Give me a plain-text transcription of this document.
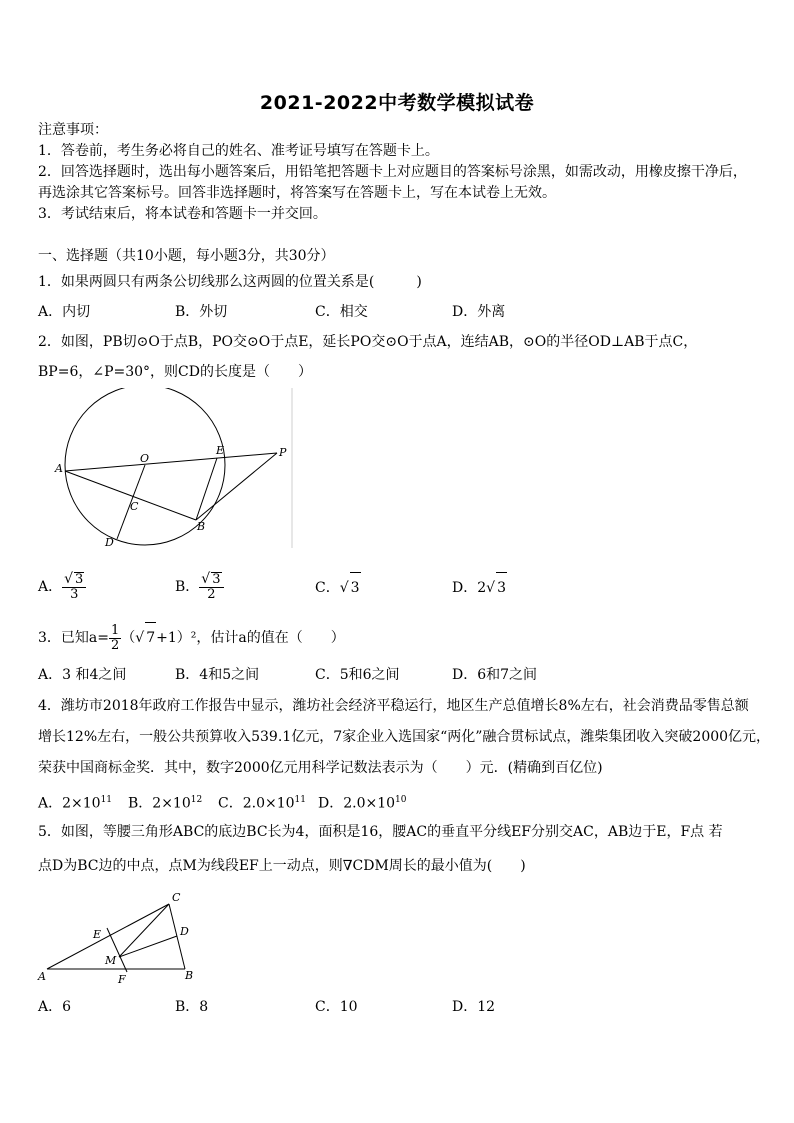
2021-2022中考数学模拟试卷
注意事项：
1．答卷前，考生务必将自己的姓名、准考证号填写在答题卡上。
2．回答选择题时，选出每小题答案后，用铅笔把答题卡上对应题目的答案标号涂黑，如需改动，用橡皮擦干净后，再选涂其它答案标号。回答非选择题时，将答案写在答题卡上，写在本试卷上无效。
3．考试结束后，将本试卷和答题卡一并交回。
一、选择题（共10小题，每小题3分，共30分）
1．如果两圆只有两条公切线那么这两圆的位置关系是(　　　)
A．内切	B．外切	C．相交	D．外离
2．如图，PB切⊙O于点B，PO交⊙O于点E，延长PO交⊙O于点A，连结AB，⊙O的半径OD⊥AB于点C，
BP=6，∠P=30°，则CD的长度是（　　）
A
O
E	P
C
B
D
A． $\frac{√ 3}{3}$	B． $\frac{√ 3}{2}$	C．√ 3	D．2√ 3
3．已知$a= \frac{1}{2}$ （√ 7+1）²，估计a的值在（　　）
A．3 和4之间	B．4和5之间	C．5和6之间	D．6和7之间
4．潍坊市2018年政府工作报告中显示，潍坊社会经济平稳运行，地区生产总值增长8%左右，社会消费品零售总额
增长12%左右，一般公共预算收入539.1亿元，7家企业入选国家“两化”融合贯标试点，潍柴集团收入突破2000亿元，
荣获中国商标金奖．其中，数字2000亿元用科学记数法表示为（　　）元．(精确到百亿位)
A．$2\times 10^{11}$ B．$2\times 10^{12}$ C．$2.0\times 10^{11}$ D．$2.0\times 10^{10}$
5．如图，等腰三角形ABC的底边BC长为4，面积是16，腰AC的垂直平分线EF分别交AC，AB边于E，F点 若
点D为BC边的中点，点M为线段EF上一动点，则∇CDM周长的最小值为(　　)
C
E	D
M
A	F	B
A．6	B．8	C．10	D．12
